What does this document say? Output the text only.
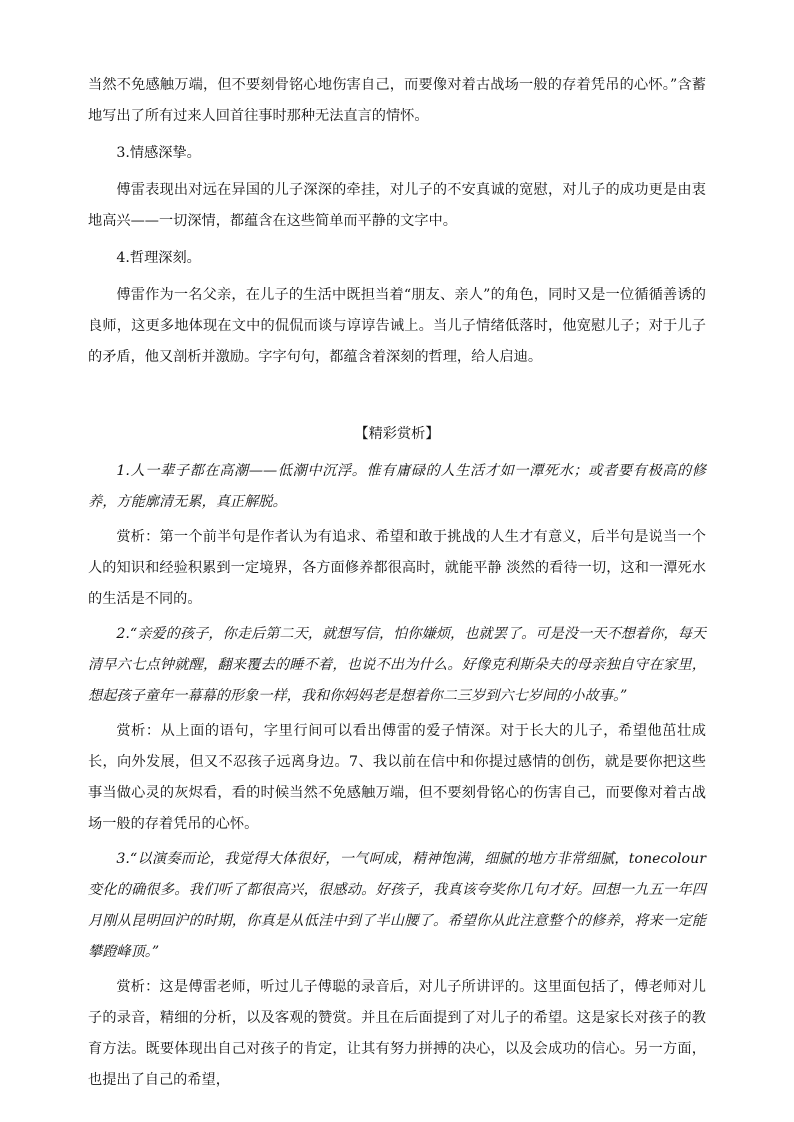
当然不免感触万端，但不要刻骨铭心地伤害自己，而要像对着古战场一般的存着凭吊的心怀。”含蓄地写出了所有过来人回首往事时那种无法直言的情怀。

3.情感深挚。

傅雷表现出对远在异国的儿子深深的牵挂，对儿子的不安真诚的宽慰，对儿子的成功更是由衷地高兴——一切深情，都蕴含在这些简单而平静的文字中。

4.哲理深刻。

傅雷作为一名父亲，在儿子的生活中既担当着“朋友、亲人”的角色，同时又是一位循循善诱的良师，这更多地体现在文中的侃侃而谈与谆谆告诫上。当儿子情绪低落时，他宽慰儿子；对于儿子的矛盾，他又剖析并激励。字字句句，都蕴含着深刻的哲理，给人启迪。

【精彩赏析】

1.人一辈子都在高潮——低潮中沉浮。惟有庸碌的人生活才如一潭死水；或者要有极高的修养，方能廓清无累，真正解脱。

赏析：第一个前半句是作者认为有追求、希望和敢于挑战的人生才有意义，后半句是说当一个人的知识和经验积累到一定境界，各方面修养都很高时，就能平静 淡然的看待一切，这和一潭死水的生活是不同的。

2.“亲爱的孩子，你走后第二天，就想写信，怕你嫌烦，也就罢了。可是没一天不想着你，每天清早六七点钟就醒，翻来覆去的睡不着，也说不出为什么。好像克利斯朵夫的母亲独自守在家里，想起孩子童年一幕幕的形象一样，我和你妈妈老是想着你二三岁到六七岁间的小故事。”

赏析：从上面的语句，字里行间可以看出傅雷的爱子情深。对于长大的儿子，希望他茁壮成长，向外发展，但又不忍孩子远离身边。7、我以前在信中和你提过感情的创伤，就是要你把这些事当做心灵的灰烬看，看的时候当然不免感触万端，但不要刻骨铭心的伤害自己，而要像对着古战场一般的存着凭吊的心怀。

3.“以演奏而论，我觉得大体很好，一气呵成，精神饱满，细腻的地方非常细腻，tonecolour变化的确很多。我们听了都很高兴，很感动。好孩子，我真该夸奖你几句才好。回想一九五一年四月刚从昆明回沪的时期，你真是从低洼中到了半山腰了。希望你从此注意整个的修养，将来一定能攀蹬峰顶。”

赏析：这是傅雷老师，听过儿子傅聪的录音后，对儿子所讲评的。这里面包括了，傅老师对儿子的录音，精细的分析，以及客观的赞赏。并且在后面提到了对儿子的希望。这是家长对孩子的教育方法。既要体现出自己对孩子的肯定，让其有努力拼搏的决心，以及会成功的信心。另一方面，也提出了自己的希望，
